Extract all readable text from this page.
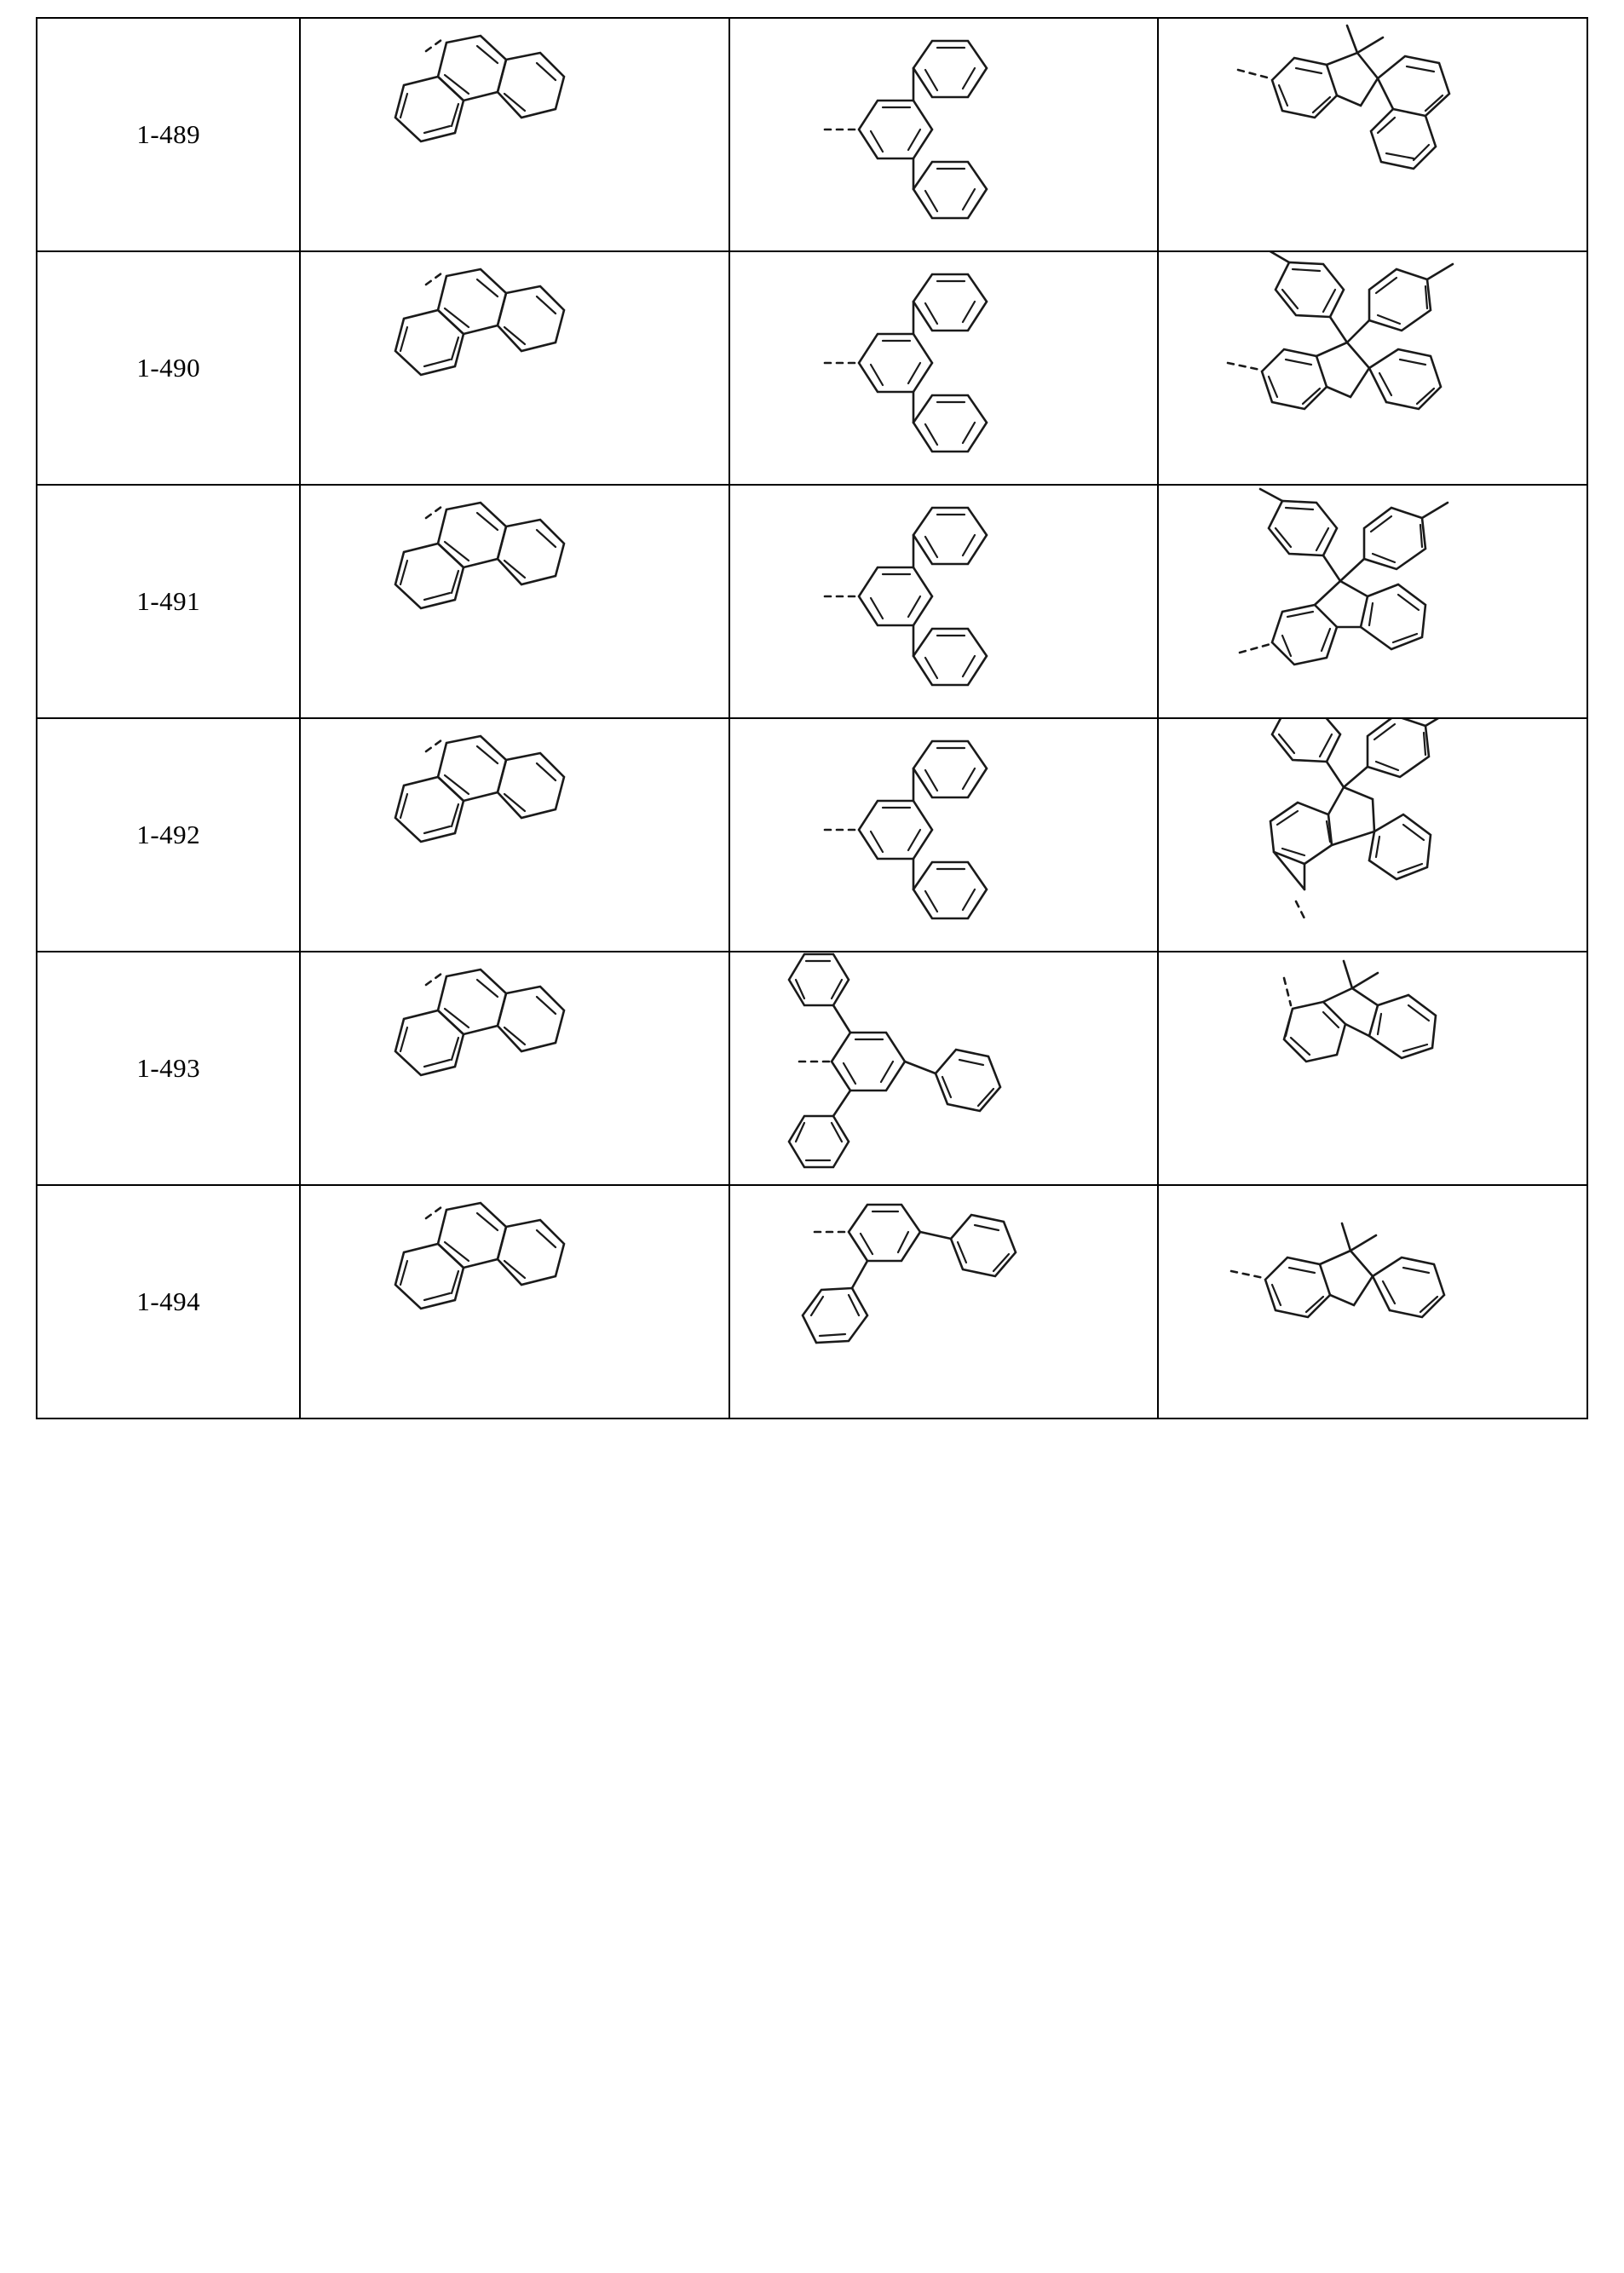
1-489	

1-490	

1-491	

1-492	

1-493	

1-494	
